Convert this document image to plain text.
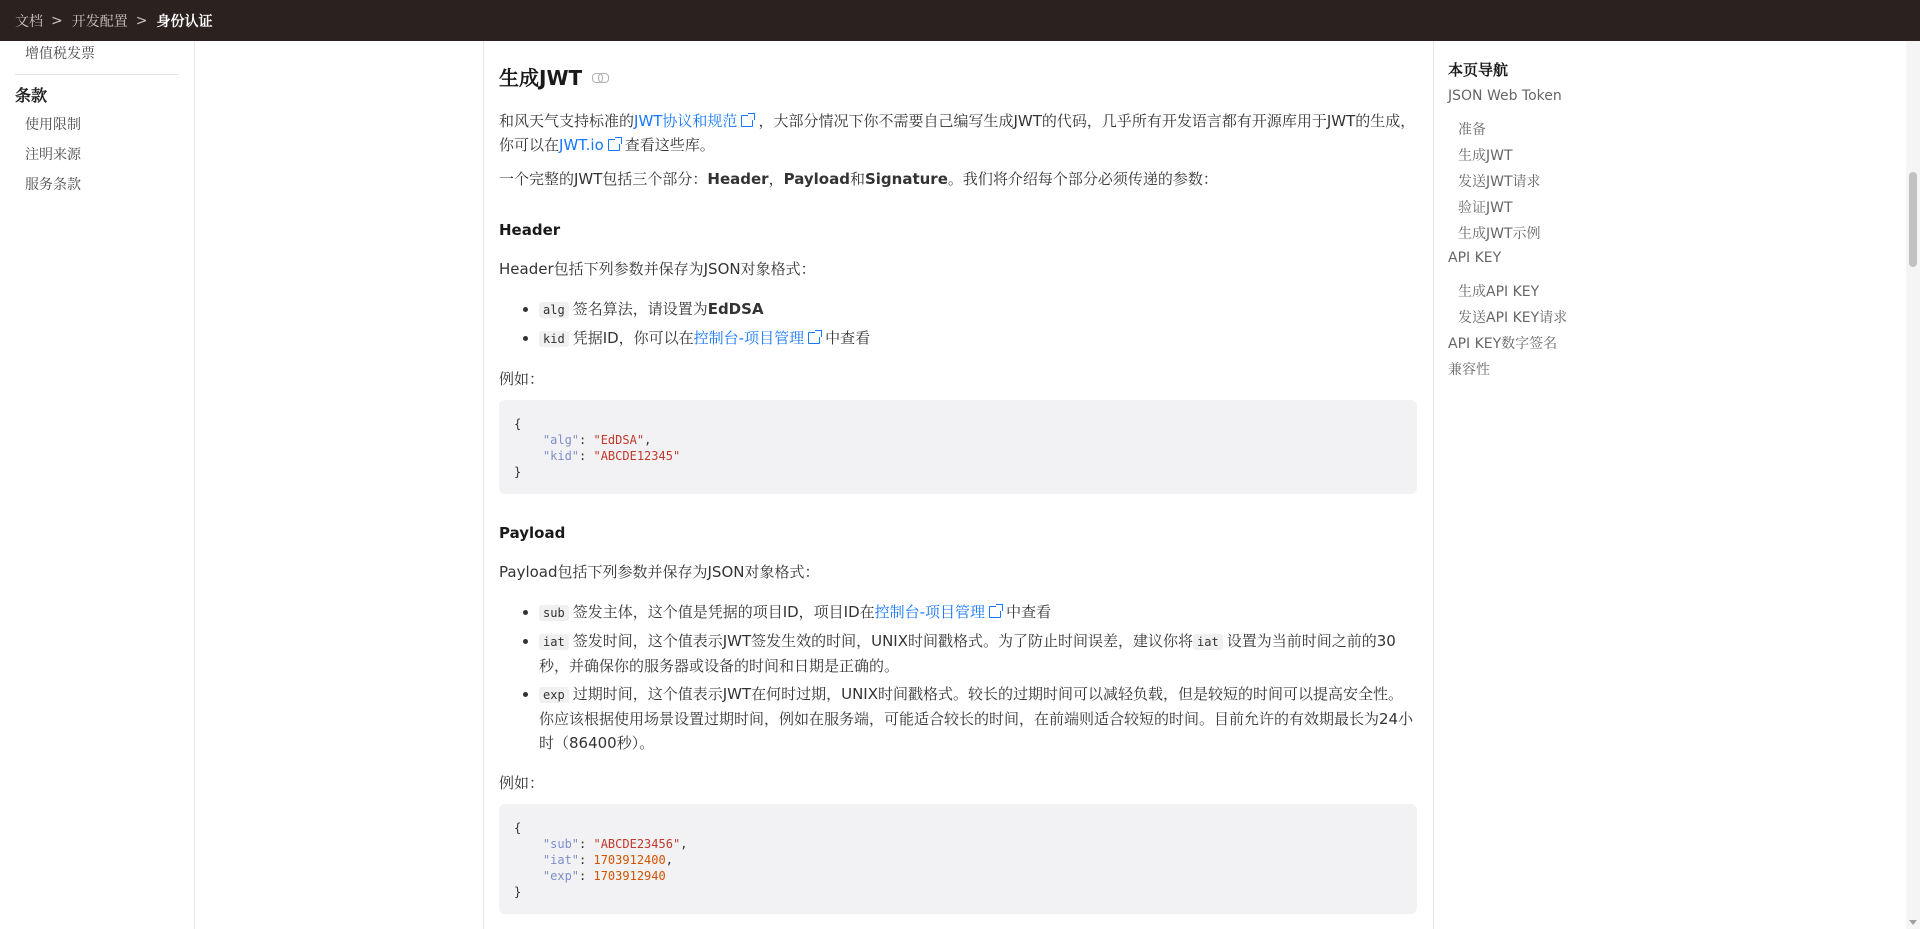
文档 > 开发配置 > 身份认证
增值税发票
条款
使用限制
注明来源
服务条款
生成JWT
和风天气支持标准的JWT协议和规范 ，大部分情况下你不需要自己编写生成JWT的代码，几乎所有开发语言都有开源库用于JWT的生成，你可以在JWT.io 查看这些库。
一个完整的JWT包括三个部分：Header，Payload和Signature。我们将介绍每个部分必须传递的参数：
Header
Header包括下列参数并保存为JSON对象格式：
• alg 签名算法，请设置为EdDSA
• kid 凭据ID，你可以在控制台-项目管理 中查看
例如：
{
"alg": "EdDSA",
"kid": "ABCDE12345"
}
Payload
Payload包括下列参数并保存为JSON对象格式：
• sub 签发主体，这个值是凭据的项目ID，项目ID在控制台-项目管理 中查看
• iat 签发时间，这个值表示JWT签发生效的时间，UNIX时间戳格式。为了防止时间误差，建议你将 iat 设置为当前时间之前的30秒，并确保你的服务器或设备的时间和日期是正确的。
• exp 过期时间，这个值表示JWT在何时过期，UNIX时间戳格式。较长的过期时间可以减轻负载，但是较短的时间可以提高安全性。你应该根据使用场景设置过期时间，例如在服务端，可能适合较长的时间，在前端则适合较短的时间。目前允许的有效期最长为24小时（86400秒）。
例如：
{
"sub": "ABCDE23456",
"iat": 1703912400,
"exp": 1703912940
}
本页导航
JSON Web Token
准备
生成JWT
发送JWT请求
验证JWT
生成JWT示例
API KEY
生成API KEY
发送API KEY请求
API KEY数字签名
兼容性
